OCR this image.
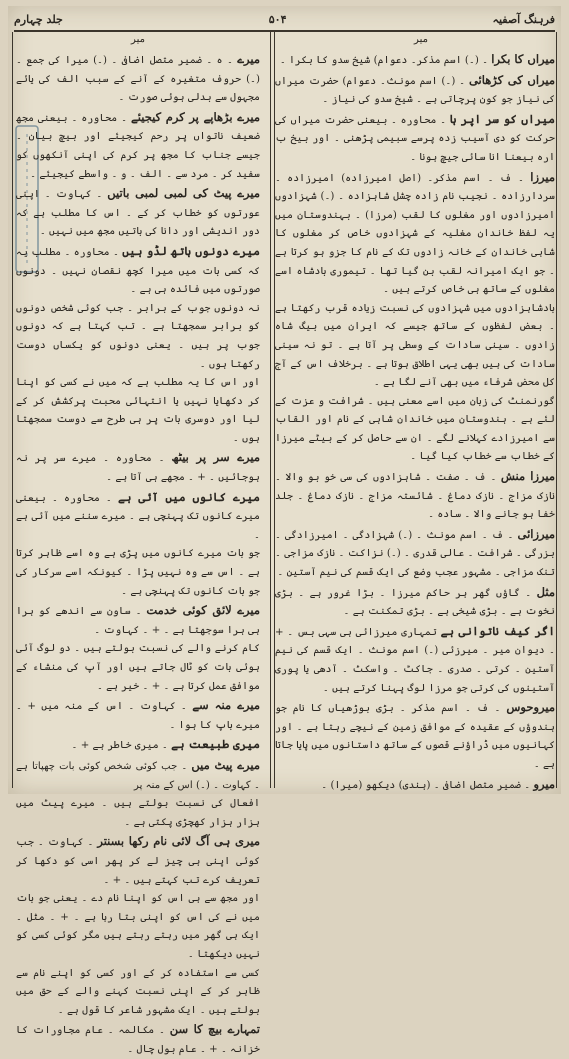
فرہنگ آصفیہ
۵۰۴
جلد چہارم
میر
میر

میراں کا بکرا ۔ (۔) اسم مذکر۔ دعوام) شیخ سدو کا بکرا ۔

میراں کی کڑھائی ۔ (۔) اسم مونث۔ دعوام) حضرت میراں کی نیاز جو کون پرچاتی ہے ۔ شیخ سدو کی نیاز ۔

میراں کو سر اپر ہا ۔ محاورہ ۔ بیعنی حضرت میراں کی حرکت کو دی آسیب زدہ پرسے سبیمی پڑھنی ۔ اور بیخ ب ارہ بیعنا انا سائی جیچ ہونا ۔

میرزا ۔ ف ۔ اسم مذکر۔ (اصل امیرزادہ) امیرزادہ ۔ سردارزادہ ۔ نجیب نام زادہ چشل شاہزادہ ۔ (۔) شہزادوں امیرزادوں اور مغلوں کا لقب (مرزا) ۔ بہندوستان میں یہ لفظ خاندان مغلیہ کے شہزادوں خاص کر مغلوں کا شاہی خاندان کے خانہ زادوں تک کے نام کا جزو ہو کرتا ہے ۔ جو ایک امیرانہ لقب بن گیا تھا ۔ تیموری بادشاہ اسے مغلوں کے ساتھ ہی خاص کرتے ہیں ۔

بادشاہزادوں میں شہزادوں کی نسبت زیادہ قرب رکھتا ہے ۔ بعض لفظوں کے ساتھ جیسے کہ ایران میں بیگ شاہ زادوں ۔ سینی سادات کے وسطی پر آتا ہے ۔ تو نہ سینی سادات کی ہیں بھی یہی اطلاق ہوتا ہے ۔ برخلاف اس کے آج کل محض شرفاء میں بھی آنے لگا ہے ۔

گورنمنٹ کی زبان میں اسے معنی ہیں ۔ شرافت و عزت کے لئے ہے ۔ ہندوستان میں خاندان شاہی کے نام اور القاب سے امیرزادے کہلانے لگے ۔ ان سے حاصل کر کے بیٹے میرزا کے خطاب سے خطاب کیا گیا ۔

میرزا منش ۔ ف ۔ صفت ۔ شاہزادوں کی سی خو بو والا ۔ نازک مزاج ۔ نازک دماغ ۔ شائستہ مزاج ۔ نازک دماغ ۔ جلد خفا ہو جانے والا ۔ سادہ ۔

میرزائی ۔ ف ۔ اسم مونث ۔ (۔) شہزادگی ۔ امیرزادگی ۔ بزرگی ۔ شرافت ۔ عالی قدری ۔ (۔) نزاکت ۔ نازک مزاجی ۔ تنک مزاجی ۔ مشہور عجب وضع کی ایک قسم کی نیم آستین ۔

مثل ۔ گاؤں گھر ہر حاکم میرزا ۔ بڑا غرور ہے ۔ بڑی نخوت ہے ۔ بڑی شیخی ہے ۔ بڑی تمکنت ہے ۔

اگر کیف ناتوانی ہے تمہاری میرزائی ہی سہی بس ۔ + ۔ دیوان میر ۔ میرزئی (۔) اسم مونث ۔ ایک قسم کی نیم آستین ۔ کرتی ۔ صدری ۔ جاکٹ ۔ واسکٹ ۔ آدھی یا پوری آستینوں کی کرتی جو مرزا لوگ پہنا کرتے ہیں ۔

میروحوس ۔ ف ۔ اسم مذکر ۔ بڑی بوڑھیاں کا نام جو ہندوؤں کے عقیدہ کے موافق زمین کے نیچے رہتا ہے ۔ اور کہانیوں میں ڈراؤنے قصوں کے ساتھ داستانوں میں پایا جاتا ہے ۔

میرو ۔ ضمیر متصل اضافی ۔ (ہندی) دیکھو (میرا) ۔

میرے ۔ ہ ۔ ضمیر متصل اضافی ۔ (۔) میرا کی جمع ۔ (۔) حروف متغیرہ کے آنے کے سبب الف کی یائے مجہول سے بدلی ہوئی صورت ۔

میرے بڑھاپے پر کرم کیجیئے ۔ محاورہ ۔ بیعنی مجھ ضعیف ناتواں پر رحم کیجیئے اور بیچ بیان ۔ جیسے جناب کا مجھ پر کرم کی اپنی آنکھوں کو سفید کر ۔ مرد سے ۔ الف ۔ و ۔ واسطے کیجیئے ۔

میرے پیٹ کی لمبی لمبی باتیں ۔ کہاوت ۔ اپنی عورتوں کو خطاب کر کے ۔ اس کا مطلب ہے کہ دور اندیشی اور دانا کی باتیں مجھ میں نہیں ۔

میرے دونوں ہاتھ لڈو ہیں ۔ محاورہ ۔ مطلب یہ کہ کسی بات میں میرا کچھ نقصان نہیں ۔ دونوں صورتوں میں فائدہ ہی ہے ۔

نہ دونوں جوب کے برابر ۔ جب کوئی شخص دونوں کو برابر سمجھتا ہے ۔ تب کہتا ہے کہ دونوں جوب پر ہیں ۔ یعنی دونوں کو یکساں دوست رکھتا ہوں ۔

اور اس کا یہ مطلب ہے کہ میں نے کسی کو اپنا کر دکھایا نہیں یا انتہائی محبت پرکشش کر کے لیا اور دوسری بات پر ہی طرح سے دوست سمجھتا ہوں ۔

میرے سر پر بیٹھ ۔ محاورہ ۔ میرے سر پر نہ ہوجائیں ۔ + ۔ مجھے ہی آتا ہے ۔

میرے کانوں میں آئی ہے ۔ محاورہ ۔ بیعنی میرے کانوں تک پہنچی ہے ۔ میرے سننے میں آئی ہے ۔

جو بات میرے کانوں میں پڑی ہے وہ اسے ظاہر کرتا ہے ۔ اس سے وہ نہیں پڑا ۔ کیونکہ اسے سرکار کی جو بات کانوں تک پہنچی ہے ۔

میرے لائق کوئی خدمت ۔ ساون سے اندھے کو ہرا ہی ہرا سوجھتا ہے ۔ + ۔ کہاوت ۔

کام کرنے والے کی نسبت بولتے ہیں ۔ دو لوگ آئی ہوئی بات کو ٹال جاتے ہیں اور آپ کی منشاء کے موافق عمل کرتا ہے ۔ + ۔ خیر ہے ۔

میرے منہ سے ۔ کہاوت ۔ اس کے منہ میں + ۔ میرے باپ کا ہوا ۔

میری طبیعت ہے ۔ میری خاطر ہے + ۔

میرے پیٹ میں ۔ جب کوئی شخص کوئی بات چھپاتا ہے ۔ کہاوت ۔ (۔) اس کے منہ پر

افعال کی نسبت بولتے ہیں ۔ میرے پیٹ میں ہزار ہزار کھچڑی پکتی ہے ۔

میری ہی آگ لائی نام رکھا بسنتر ۔ کہاوت ۔ جب کوئی اپنی ہی چیز لے کر پھر اسی کو دکھا کر تعریف کرے تب کہتے ہیں ۔ + ۔

اور مجھ سے ہی اس کو اپنا نام دے ۔ یعنی جو بات میں نے کی اس کو اپنی بتا رہا ہے ۔ + ۔ مثل ۔ ایک ہی گھر میں رہتے رہتے ہیں مگر کوئی کسی کو نہیں دیکھتا ۔

کسی سے استفادہ کر کے اور کسی کو اپنے نام سے ظاہر کر کے اپنی نسبت کہنے والے کے حق میں بولتے ہیں ۔ ایک مشہور شاعر کا قول ہے ۔

تمہارے بیچ کا سن ۔ مکالمہ ۔ عام مجاورات کا خزانہ ۔ + ۔ عام بول چال ۔
